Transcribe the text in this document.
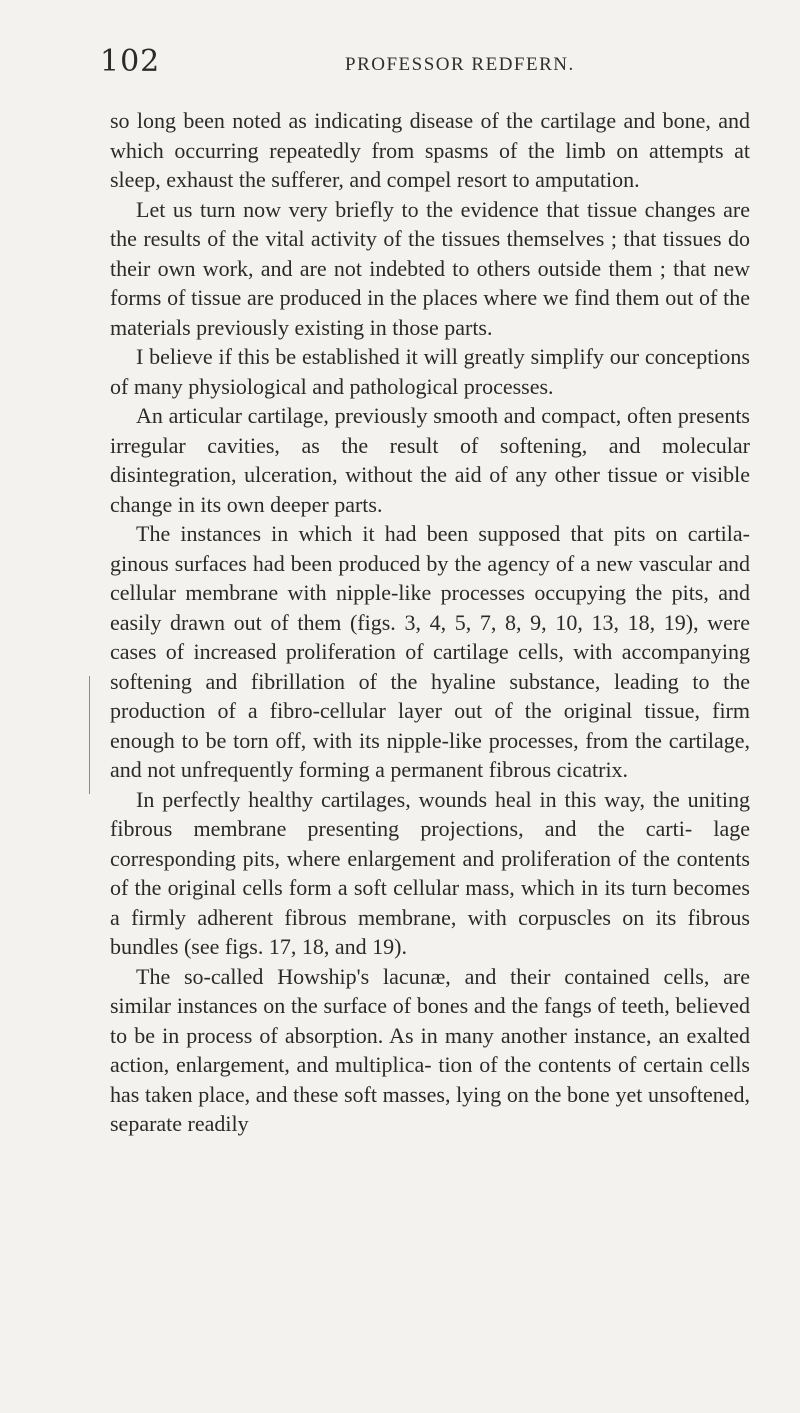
102	PROFESSOR REDFERN.

so long been noted as indicating disease of the cartilage and bone, and which occurring repeatedly from spasms of the limb on attempts at sleep, exhaust the sufferer, and compel resort to amputation.

Let us turn now very briefly to the evidence that tissue changes are the results of the vital activity of the tissues themselves ; that tissues do their own work, and are not indebted to others outside them ; that new forms of tissue are produced in the places where we find them out of the materials previously existing in those parts.

I believe if this be established it will greatly simplify our conceptions of many physiological and pathological processes.

An articular cartilage, previously smooth and compact, often presents irregular cavities, as the result of softening, and molecular disintegration, ulceration, without the aid of any other tissue or visible change in its own deeper parts.

The instances in which it had been supposed that pits on cartila- ginous surfaces had been produced by the agency of a new vascular and cellular membrane with nipple-like processes occupying the pits, and easily drawn out of them (figs. 3, 4, 5, 7, 8, 9, 10, 13, 18, 19), were cases of increased proliferation of cartilage cells, with accompanying softening and fibrillation of the hyaline substance, leading to the production of a fibro-cellular layer out of the original tissue, firm enough to be torn off, with its nipple-like processes, from the cartilage, and not unfrequently forming a permanent fibrous cicatrix.

In perfectly healthy cartilages, wounds heal in this way, the uniting fibrous membrane presenting projections, and the carti- lage corresponding pits, where enlargement and proliferation of the contents of the original cells form a soft cellular mass, which in its turn becomes a firmly adherent fibrous membrane, with corpuscles on its fibrous bundles (see figs. 17, 18, and 19).

The so-called Howship's lacunæ, and their contained cells, are similar instances on the surface of bones and the fangs of teeth, believed to be in process of absorption. As in many another instance, an exalted action, enlargement, and multiplica- tion of the contents of certain cells has taken place, and these soft masses, lying on the bone yet unsoftened, separate readily
